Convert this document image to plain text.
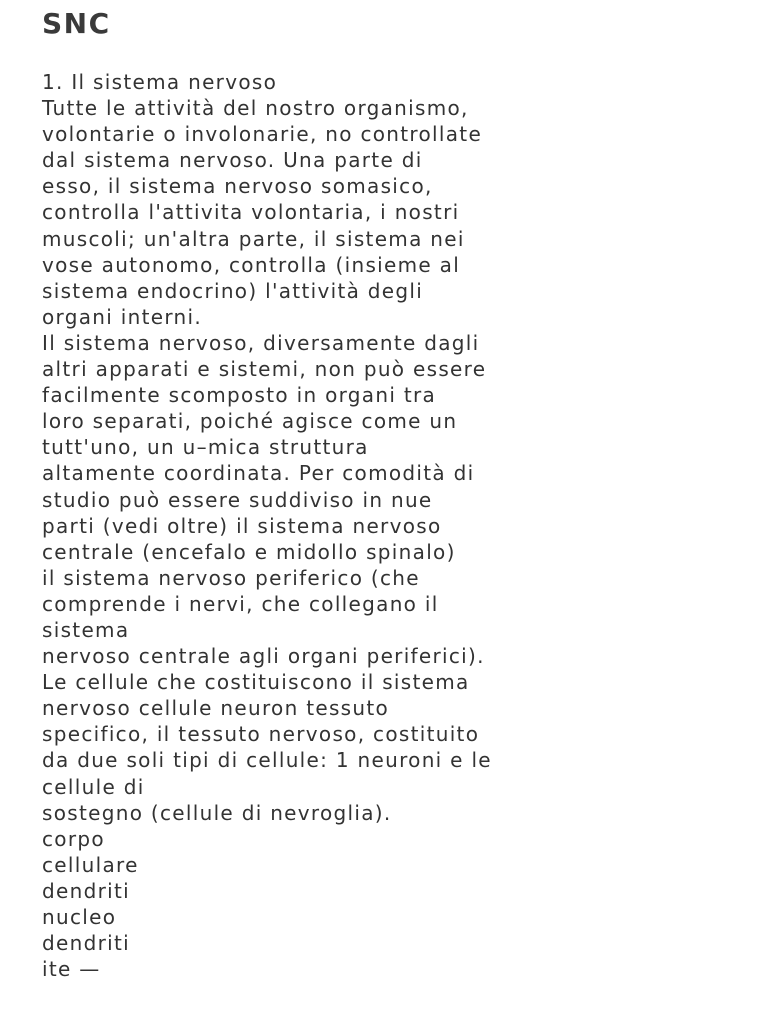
SNC
1. Il sistema nervoso
Tutte le attività del nostro organismo,
volontarie o involonarie, no controllate
dal sistema nervoso. Una parte di
esso, il sistema nervoso somasico,
controlla l'attivita volontaria, i nostri
muscoli; un'altra parte, il sistema nei
vose autonomo, controlla (insieme al
sistema endocrino) l'attività degli
organi interni.
Il sistema nervoso, diversamente dagli
altri apparati e sistemi, non può essere
facilmente scomposto in organi tra
loro separati, poiché agisce come un
tutt'uno, un u–mica struttura
altamente coordinata. Per comodità di
studio può essere suddiviso in nue
parti (vedi oltre) il sistema nervoso
centrale (encefalo e midollo spinalo)
il sistema nervoso periferico (che
comprende i nervi, che collegano il
sistema
nervoso centrale agli organi periferici).
Le cellule che costituiscono il sistema
nervoso cellule neuron tessuto
specifico, il tessuto nervoso, costituito
da due soli tipi di cellule: 1 neuroni e le
cellule di
sostegno (cellule di nevroglia).
corpo
cellulare
dendriti
nucleo
dendriti
ite —
